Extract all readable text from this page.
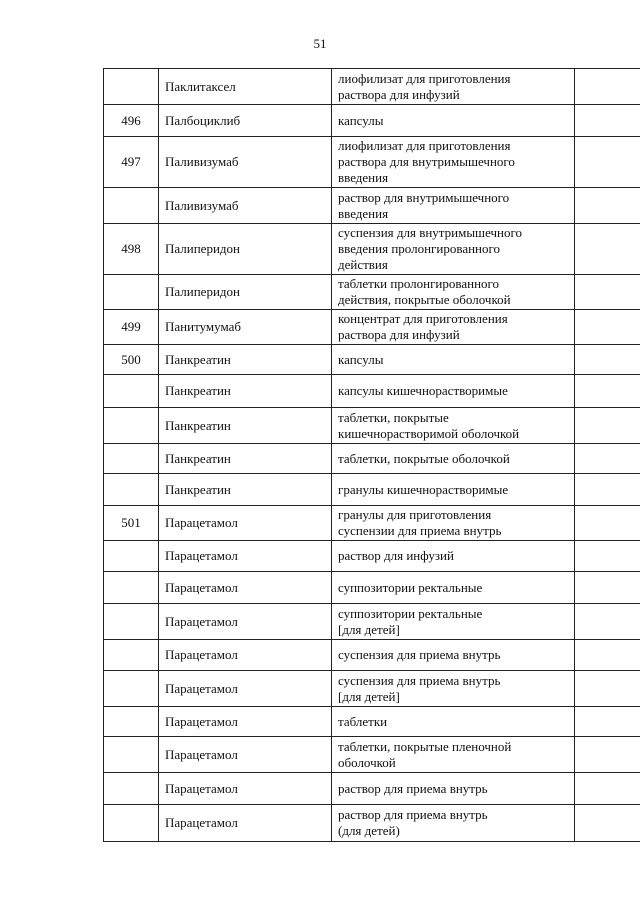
51
	Паклитаксел	лиофилизат для приготовления
раствора для инфузий	
496	Палбоциклиб	капсулы	
497	Паливизумаб	лиофилизат для приготовления
раствора для внутримышечного
введения	
	Паливизумаб	раствор для внутримышечного
введения	
498	Палиперидон	суспензия для внутримышечного
введения пролонгированного
действия	
	Палиперидон	таблетки пролонгированного
действия, покрытые оболочкой	
499	Панитумумаб	концентрат для приготовления
раствора для инфузий	
500	Панкреатин	капсулы	
	Панкреатин	капсулы кишечнорастворимые	
	Панкреатин	таблетки, покрытые
кишечнорастворимой оболочкой	
	Панкреатин	таблетки, покрытые оболочкой	
	Панкреатин	гранулы кишечнорастворимые	
501	Парацетамол	гранулы для приготовления
суспензии для приема внутрь	
	Парацетамол	раствор для инфузий	
	Парацетамол	суппозитории ректальные	
	Парацетамол	суппозитории ректальные
[для детей]	
	Парацетамол	суспензия для приема внутрь	
	Парацетамол	суспензия для приема внутрь
[для детей]	
	Парацетамол	таблетки	
	Парацетамол	таблетки, покрытые пленочной
оболочкой	
	Парацетамол	раствор для приема внутрь	
	Парацетамол	раствор для приема внутрь
(для детей)	
